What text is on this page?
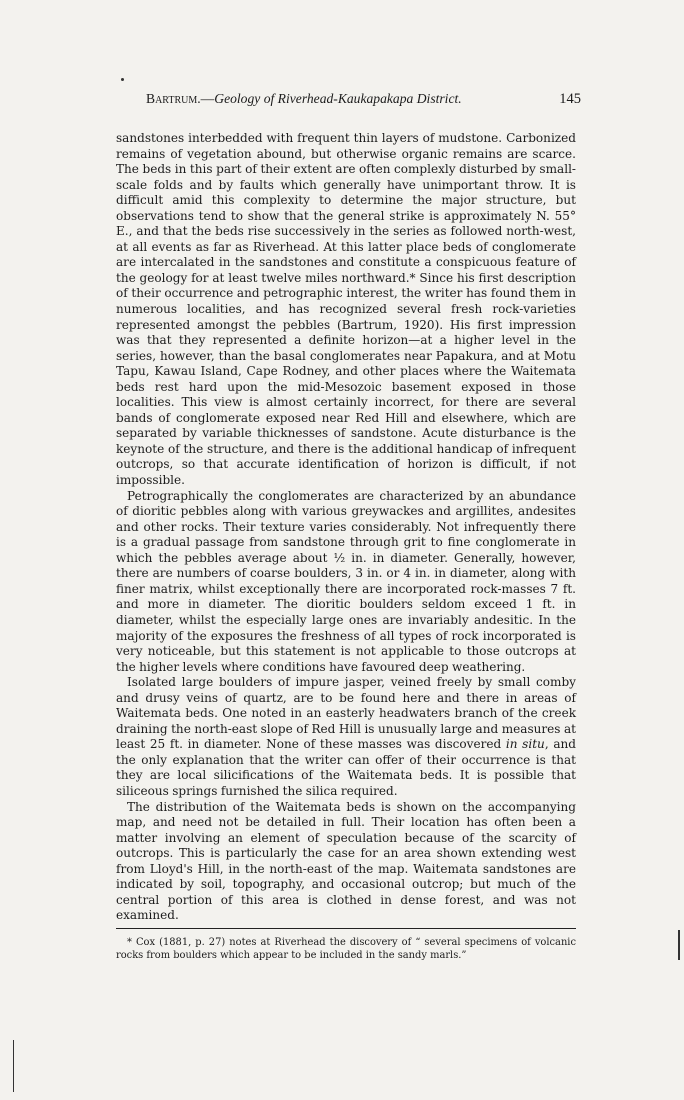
Bartrum.—Geology of Riverhead-Kaukapakapa District.	145

sandstones interbedded with frequent thin layers of mudstone. Carbonized remains of vegetation abound, but otherwise organic remains are scarce. The beds in this part of their extent are often complexly disturbed by small-scale folds and by faults which generally have unimportant throw. It is difficult amid this complexity to determine the major structure, but observations tend to show that the general strike is approximately N. 55° E., and that the beds rise successively in the series as followed north-west, at all events as far as Riverhead. At this latter place beds of conglomerate are intercalated in the sandstones and constitute a conspicuous feature of the geology for at least twelve miles northward.* Since his first description of their occurrence and petrographic interest, the writer has found them in numerous localities, and has recognized several fresh rock-varieties represented amongst the pebbles (Bartrum, 1920). His first impression was that they represented a definite horizon—at a higher level in the series, however, than the basal conglomerates near Papakura, and at Motu Tapu, Kawau Island, Cape Rodney, and other places where the Waitemata beds rest hard upon the mid-Mesozoic basement exposed in those localities. This view is almost certainly incorrect, for there are several bands of conglomerate exposed near Red Hill and elsewhere, which are separated by variable thicknesses of sandstone. Acute disturbance is the keynote of the structure, and there is the additional handicap of infrequent outcrops, so that accurate identification of horizon is difficult, if not impossible.

Petrographically the conglomerates are characterized by an abundance of dioritic pebbles along with various greywackes and argillites, andesites and other rocks. Their texture varies considerably. Not infrequently there is a gradual passage from sandstone through grit to fine conglomerate in which the pebbles average about ½ in. in diameter. Generally, however, there are numbers of coarse boulders, 3 in. or 4 in. in diameter, along with finer matrix, whilst exceptionally there are incorporated rock-masses 7 ft. and more in diameter. The dioritic boulders seldom exceed 1 ft. in diameter, whilst the especially large ones are invariably andesitic. In the majority of the exposures the freshness of all types of rock incorporated is very noticeable, but this statement is not applicable to those outcrops at the higher levels where conditions have favoured deep weathering.

Isolated large boulders of impure jasper, veined freely by small comby and drusy veins of quartz, are to be found here and there in areas of Waitemata beds. One noted in an easterly headwaters branch of the creek draining the north-east slope of Red Hill is unusually large and measures at least 25 ft. in diameter. None of these masses was discovered in situ, and the only explanation that the writer can offer of their occurrence is that they are local silicifications of the Waitemata beds. It is possible that siliceous springs furnished the silica required.

The distribution of the Waitemata beds is shown on the accompanying map, and need not be detailed in full. Their location has often been a matter involving an element of speculation because of the scarcity of outcrops. This is particularly the case for an area shown extending west from Lloyd's Hill, in the north-east of the map. Waitemata sandstones are indicated by soil, topography, and occasional outcrop; but much of the central portion of this area is clothed in dense forest, and was not examined.

* Cox (1881, p. 27) notes at Riverhead the discovery of “ several specimens of volcanic rocks from boulders which appear to be included in the sandy marls.”
